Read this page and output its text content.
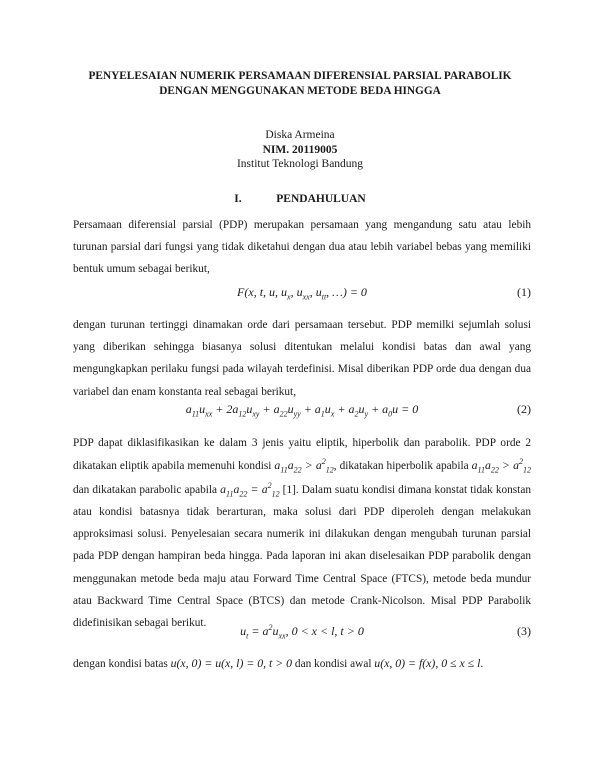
PENYELESAIAN NUMERIK PERSAMAAN DIFERENSIAL PARSIAL PARABOLIK
DENGAN MENGGUNAKAN METODE BEDA HINGGA
Diska Armeina
NIM. 20119005
Institut Teknologi Bandung
I.	PENDAHULUAN
Persamaan diferensial parsial (PDP) merupakan persamaan yang mengandung satu atau lebih turunan parsial dari fungsi yang tidak diketahui dengan dua atau lebih variabel bebas yang memiliki bentuk umum sebagai berikut,
F(x, t, u, $u_x$, $u_{xx}$, $u_{tt}$, …) = 0	(1)
dengan turunan tertinggi dinamakan orde dari persamaan tersebut. PDP memilki sejumlah solusi yang diberikan sehingga biasanya solusi ditentukan melalui kondisi batas dan awal yang mengungkapkan perilaku fungsi pada wilayah terdefinisi. Misal diberikan PDP orde dua dengan dua variabel dan enam konstanta real sebagai berikut,
$a_{11}u_{xx} + 2a_{12}u_{xy} + a_{22}u_{yy} + a_1u_x + a_2u_y + a_0u = 0$	(2)
PDP dapat diklasifikasikan ke dalam 3 jenis yaitu eliptik, hiperbolik dan parabolik. PDP orde 2 dikatakan eliptik apabila memenuhi kondisi $a_{11}a_{22} > a^2_{12}$, dikatakan hiperbolik apabila $a_{11}a_{22} > a^2_{12}$ dan dikatakan parabolic apabila $a_{11}a_{22} = a^2_{12}$ [1]. Dalam suatu kondisi dimana konstat tidak konstan atau kondisi batasnya tidak berarturan, maka solusi dari PDP diperoleh dengan melakukan approksimasi solusi. Penyelesaian secara numerik ini dilakukan dengan mengubah turunan parsial pada PDP dengan hampiran beda hingga. Pada laporan ini akan diselesaikan PDP parabolik dengan menggunakan metode beda maju atau Forward Time Central Space (FTCS), metode beda mundur atau Backward Time Central Space (BTCS) dan metode Crank-Nicolson. Misal PDP Parabolik didefinisikan sebagai berikut.
$u_t = a^2u_{xx}$, 0 < x < l, t > 0	(3)
dengan kondisi batas u(x, 0) = u(x, l) = 0, t > 0 dan kondisi awal u(x, 0) = f(x), 0 ≤ x ≤ l.
